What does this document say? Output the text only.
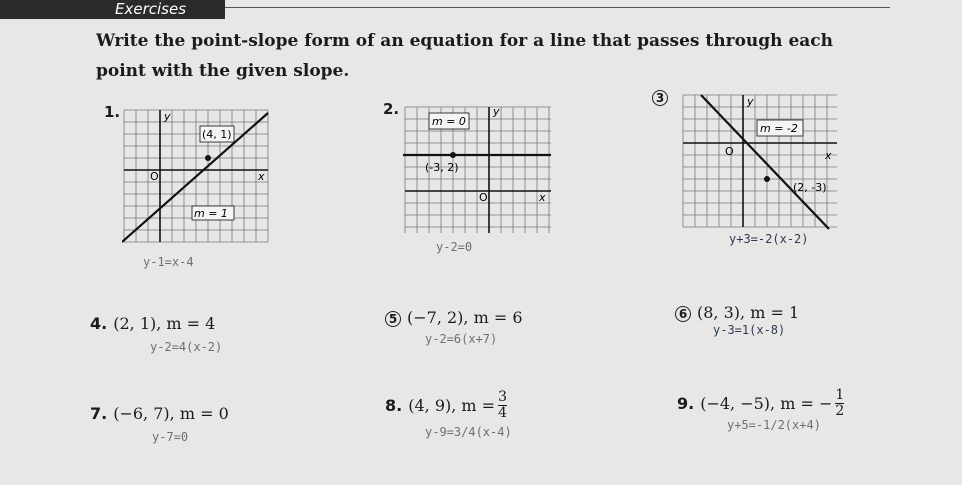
Exercises
Write the point-slope form of an equation for a line that passes through each point with the given slope.
1.
(4, 1)
m = 1
y
x
O
y-1=x-4
2.
m = 0
(-3, 2)
y
x
O
y-2=0
3
m = -2
(2, -3)
y
x
O
y+3=-2(x-2)
4. (2, 1), m = 4
y-2=4(x-2)
5 (−7, 2), m = 6
y-2=6(x+7)
6 (8, 3), m = 1
y-3=1(x-8)
7. (−6, 7), m = 0
y-7=0
8. (4, 9), $m = \frac{3}{4}$
y-9=3/4(x-4)
9. (−4, −5), m = − $\frac{1}{2}$
y+5=-1/2(x+4)
